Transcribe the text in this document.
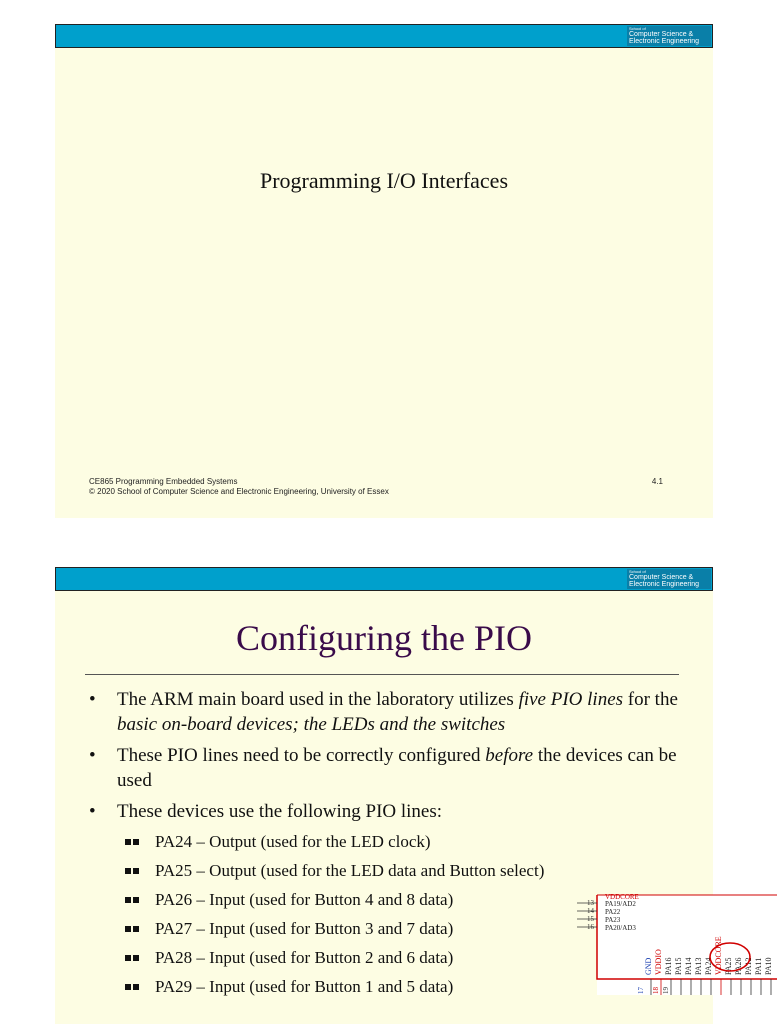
School of
Computer Science &
Electronic Engineering
Programming I/O Interfaces
CE865 Programming Embedded Systems
© 2020 School of Computer Science and Electronic Engineering, University of Essex
4.1
School of
Computer Science &
Electronic Engineering
Configuring the PIO
• The ARM main board used in the laboratory utilizes five PIO lines for the basic on-board devices; the LEDs and the switches
• These PIO lines need to be correctly configured before the devices can be used
• These devices use the following PIO lines:
PA24 – Output (used for the LED clock)
PA25 – Output (used for the LED data and Button select)
PA26 – Input (used for Button 4 and 8 data)
PA27 – Input (used for Button 3 and 7 data)
PA28 – Input (used for Button 2 and 6 data)
PA29 – Input (used for Button 1 and 5 data)
13
14
15
16
VDDCORE
PA19/AD2
PA22
PA23
PA20/AD3
GND VDDIO PA16 PA15 PA14 PA13 PA24 VDDCORE PA25 PA26 PA12 PA11 PA10
17 18 19
